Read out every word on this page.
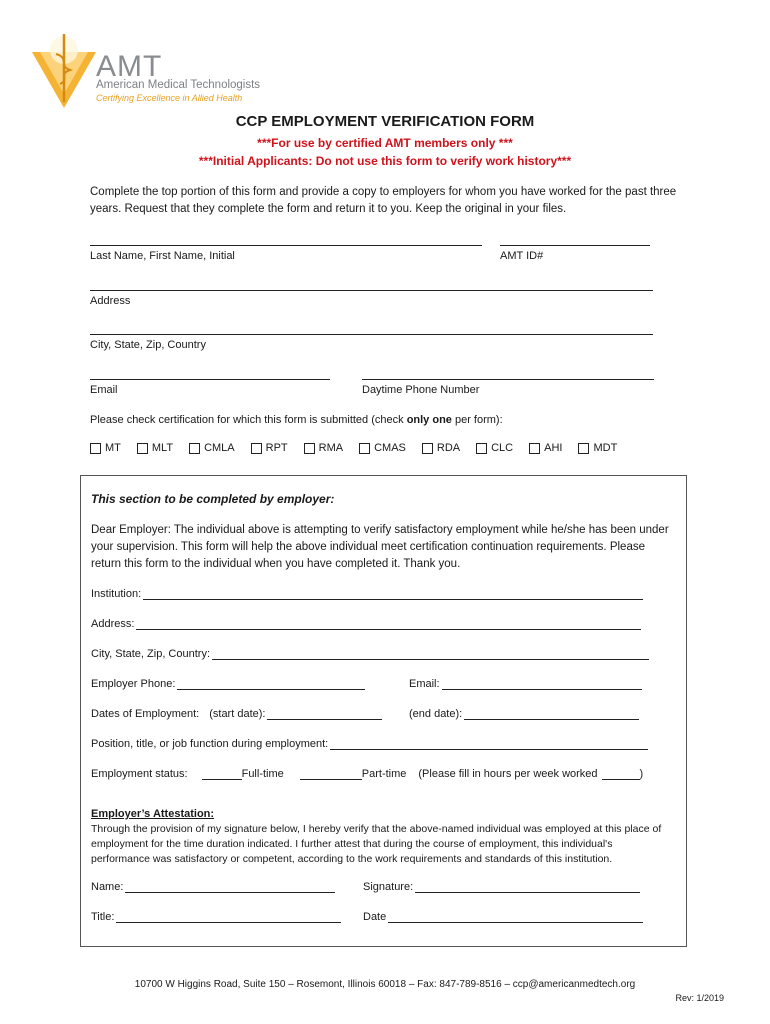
AMT
American Medical Technologists
Certifying Excellence in Allied Health
CCP EMPLOYMENT VERIFICATION FORM
***For use by certified AMT members only ***
***Initial Applicants: Do not use this form to verify work history***
Complete the top portion of this form and provide a copy to employers for whom you have worked for the past three years. Request that they complete the form and return it to you. Keep the original in your files.
Last Name, First Name, Initial	AMT ID#
Address
City, State, Zip, Country
Email	Daytime Phone Number
Please check certification for which this form is submitted (check only one per form):
MT	MLT	CMLA	RPT	RMA	CMAS	RDA	CLC	AHI	MDT
This section to be completed by employer:
Dear Employer: The individual above is attempting to verify satisfactory employment while he/she has been under your supervision. This form will help the above individual meet certification continuation requirements. Please return this form to the individual when you have completed it. Thank you.
Institution:
Address:
City, State, Zip, Country:
Employer Phone:	Email:
Dates of Employment: (start date):	(end date):
Position, title, or job function during employment:
Employment status:	Full-time	Part-time (Please fill in hours per week worked	)
Employer’s Attestation:
Through the provision of my signature below, I hereby verify that the above-named individual was employed at this place of employment for the time duration indicated. I further attest that during the course of employment, this individual's performance was satisfactory or competent, according to the work requirements and standards of this institution.
Name:	Signature:
Title:	Date
10700 W Higgins Road, Suite 150 – Rosemont, Illinois 60018 – Fax: 847-789-8516 – ccp@americanmedtech.org
Rev: 1/2019
